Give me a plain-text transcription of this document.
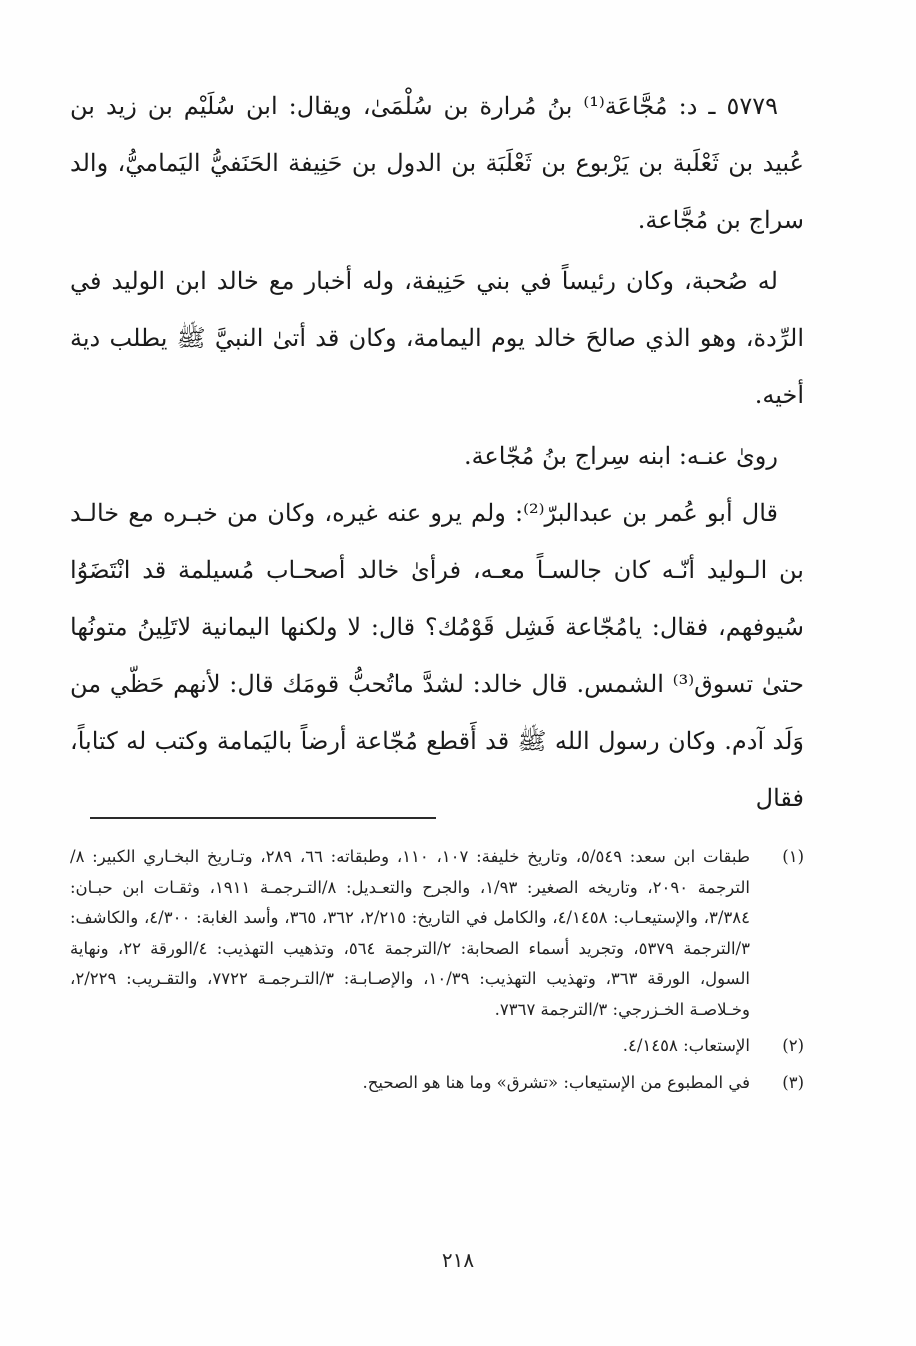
٥٧٧٩ ـ د: مُجَّاعَة⁽¹⁾ بنُ مُرارة بن سُلْمَىٰ، ويقال: ابن سُلَيْم بن زيد بن عُبيد بن ثَعْلَبة بن يَرْبوع بن ثَعْلَبَة بن الدول بن حَنِيفة الحَنَفيُّ اليَماميُّ، والد سراج بن مُجَّاعة.

له صُحبة، وكان رئيساً في بني حَنِيفة، وله أخبار مع خالد ابن الوليد في الرِّدة، وهو الذي صالحَ خالد يوم اليمامة، وكان قد أتىٰ النبيَّ ﷺ يطلب دية أخيه.

روىٰ عنـه: ابنه سِراج بنُ مُجّاعة.

قال أبو عُمر بن عبدالبرّ⁽²⁾: ولم يرو عنه غيره، وكان من خبـره مع خالـد بن الـوليد أنّـه كان جالسـاً معـه، فرأىٰ خالد أصحـاب مُسيلمة قد انْتَضَوُا سُيوفهم، فقال: يامُجّاعة فَشِل قَوْمُك؟ قال: لا ولكنها اليمانية لاتَلِينُ متونُها حتىٰ تسوق⁽³⁾ الشمس. قال خالد: لشدَّ ماتُحبُّ قومَك قال: لأنهم حَظّي من وَلَد آدم. وكان رسول الله ﷺ قد أَقطع مُجّاعة أرضاً باليَمامة وكتب له كتاباً، فقال

(١)
طبقات ابن سعد: ٥/٥٤٩، وتاريخ خليفة: ١٠٧، ١١٠، وطبقاته: ٦٦، ٢٨٩، وتـاريخ البخـاري الكبير: ٨/الترجمة ٢٠٩٠، وتاريخه الصغير: ١/٩٣، والجرح والتعـديل: ٨/التـرجمـة ١٩١١، وثقـات ابن حبـان: ٣/٣٨٤، والإستيعـاب: ٤/١٤٥٨، والكامل في التاريخ: ٢/٢١٥، ٣٦٢، ٣٦٥، وأسد الغابة: ٤/٣٠٠، والكاشف: ٣/الترجمة ٥٣٧٩، وتجريد أسماء الصحابة: ٢/الترجمة ٥٦٤، وتذهيب التهذيب: ٤/الورقة ٢٢، ونهاية السول، الورقة ٣٦٣، وتهذيب التهذيب: ١٠/٣٩، والإصـابـة: ٣/التـرجمـة ٧٧٢٢، والتقـريب: ٢/٢٢٩، وخـلاصـة الخـزرجي: ٣/الترجمة ٧٣٦٧.
(٢)
الإستعاب: ٤/١٤٥٨.
(٣)
في المطبوع من الإستيعاب: «تشرق» وما هنا هو الصحيح.
٢١٨
